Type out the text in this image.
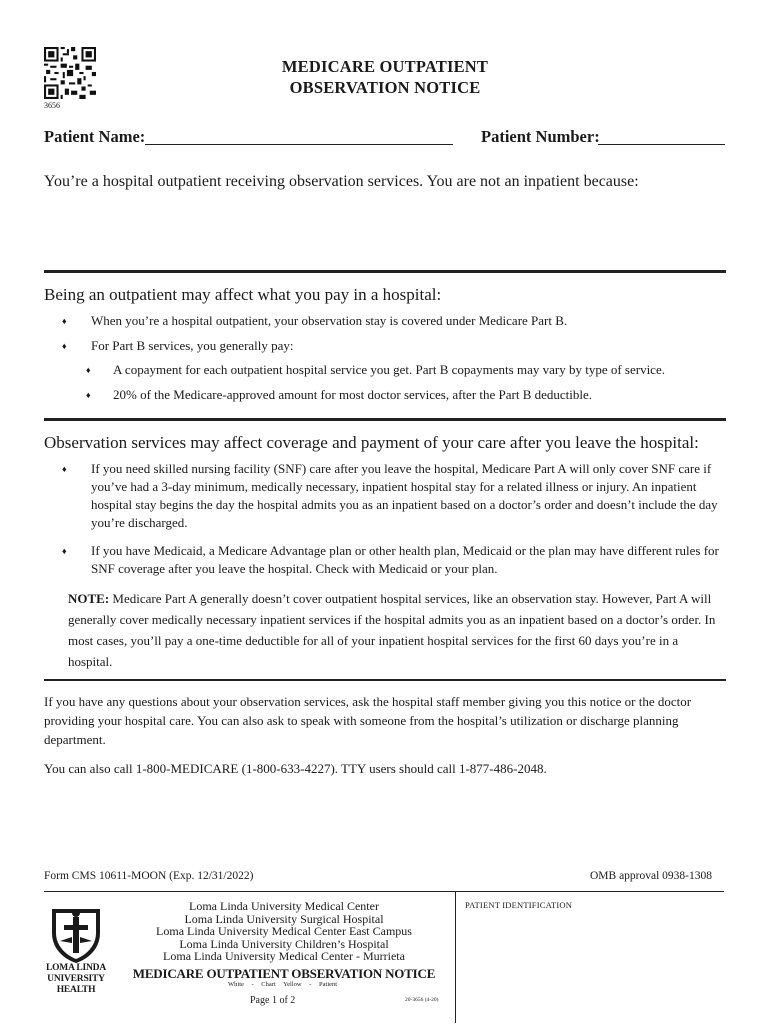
3656
MEDICARE OUTPATIENT
OBSERVATION NOTICE
Patient Name:	Patient Number:
You’re a hospital outpatient receiving observation services. You are not an inpatient because:
Being an outpatient may affect what you pay in a hospital:
♦ When you’re a hospital outpatient, your observation stay is covered under Medicare Part B.
♦ For Part B services, you generally pay:
♦ A copayment for each outpatient hospital service you get. Part B copayments may vary by type of service.
♦ 20% of the Medicare-approved amount for most doctor services, after the Part B deductible.
Observation services may affect coverage and payment of your care after you leave the hospital:
♦ If you need skilled nursing facility (SNF) care after you leave the hospital, Medicare Part A will only cover SNF care if you’ve had a 3-day minimum, medically necessary, inpatient hospital stay for a related illness or injury. An inpatient hospital stay begins the day the hospital admits you as an inpatient based on a doctor’s order and doesn’t include the day you’re discharged.
♦ If you have Medicaid, a Medicare Advantage plan or other health plan, Medicaid or the plan may have different rules for SNF coverage after you leave the hospital. Check with Medicaid or your plan.
NOTE: Medicare Part A generally doesn’t cover outpatient hospital services, like an observation stay. However, Part A will generally cover medically necessary inpatient services if the hospital admits you as an inpatient based on a doctor’s order. In most cases, you’ll pay a one-time deductible for all of your inpatient hospital services for the first 60 days you’re in a hospital.
If you have any questions about your observation services, ask the hospital staff member giving you this notice or the doctor providing your hospital care. You can also ask to speak with someone from the hospital’s utilization or discharge planning department.
You can also call 1-800-MEDICARE (1-800-633-4227). TTY users should call 1-877-486-2048.
Form CMS 10611-MOON (Exp. 12/31/2022)	OMB approval 0938-1308
LOMA LINDA
UNIVERSITY
HEALTH
Loma Linda University Medical Center
Loma Linda University Surgical Hospital
Loma Linda University Medical Center East Campus
Loma Linda University Children’s Hospital
Loma Linda University Medical Center - Murrieta
MEDICARE OUTPATIENT OBSERVATION NOTICE
White - Chart Yellow - Patient
Page 1 of 2	20-3656 (4-20)
PATIENT IDENTIFICATION
